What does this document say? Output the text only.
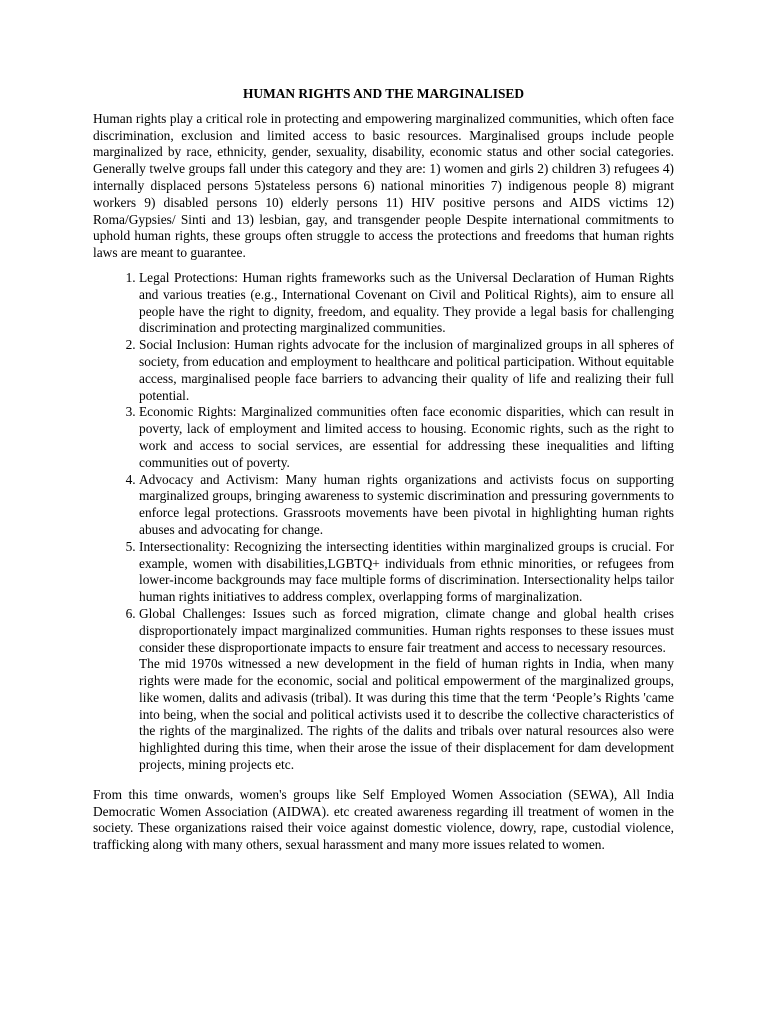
HUMAN RIGHTS AND THE MARGINALISED

Human rights play a critical role in protecting and empowering marginalized communities, which often face discrimination, exclusion and limited access to basic resources. Marginalised groups include people marginalized by race, ethnicity, gender, sexuality, disability, economic status and other social categories. Generally twelve groups fall under this category and they are: 1) women and girls 2) children 3) refugees 4) internally displaced persons 5)stateless persons 6) national minorities 7) indigenous people 8) migrant workers 9) disabled persons 10) elderly persons 11) HIV positive persons and AIDS victims 12) Roma/Gypsies/ Sinti and 13) lesbian, gay, and transgender people Despite international commitments to uphold human rights, these groups often struggle to access the protections and freedoms that human rights laws are meant to guarantee.

1. Legal Protections: Human rights frameworks such as the Universal Declaration of Human Rights and various treaties (e.g., International Covenant on Civil and Political Rights), aim to ensure all people have the right to dignity, freedom, and equality. They provide a legal basis for challenging discrimination and protecting marginalized communities.
2. Social Inclusion: Human rights advocate for the inclusion of marginalized groups in all spheres of society, from education and employment to healthcare and political participation. Without equitable access, marginalised people face barriers to advancing their quality of life and realizing their full potential.
3. Economic Rights: Marginalized communities often face economic disparities, which can result in poverty, lack of employment and limited access to housing. Economic rights, such as the right to work and access to social services, are essential for addressing these inequalities and lifting communities out of poverty.
4. Advocacy and Activism: Many human rights organizations and activists focus on supporting marginalized groups, bringing awareness to systemic discrimination and pressuring governments to enforce legal protections. Grassroots movements have been pivotal in highlighting human rights abuses and advocating for change.
5. Intersectionality: Recognizing the intersecting identities within marginalized groups is crucial. For example, women with disabilities,LGBTQ+ individuals from ethnic minorities, or refugees from lower-income backgrounds may face multiple forms of discrimination. Intersectionality helps tailor human rights initiatives to address complex, overlapping forms of marginalization.
6. Global Challenges: Issues such as forced migration, climate change and global health crises disproportionately impact marginalized communities. Human rights responses to these issues must consider these disproportionate impacts to ensure fair treatment and access to necessary resources.

The mid 1970s witnessed a new development in the field of human rights in India, when many rights were made for the economic, social and political empowerment of the marginalized groups, like women, dalits and adivasis (tribal). It was during this time that the term ‘People’s Rights 'came into being, when the social and political activists used it to describe the collective characteristics of the rights of the marginalized. The rights of the dalits and tribals over natural resources also were highlighted during this time, when their arose the issue of their displacement for dam development projects, mining projects etc.

From this time onwards, women's groups like Self Employed Women Association (SEWA), All India Democratic Women Association (AIDWA). etc created awareness regarding ill treatment of women in the society. These organizations raised their voice against domestic violence, dowry, rape, custodial violence, trafficking along with many others, sexual harassment and many more issues related to women.
